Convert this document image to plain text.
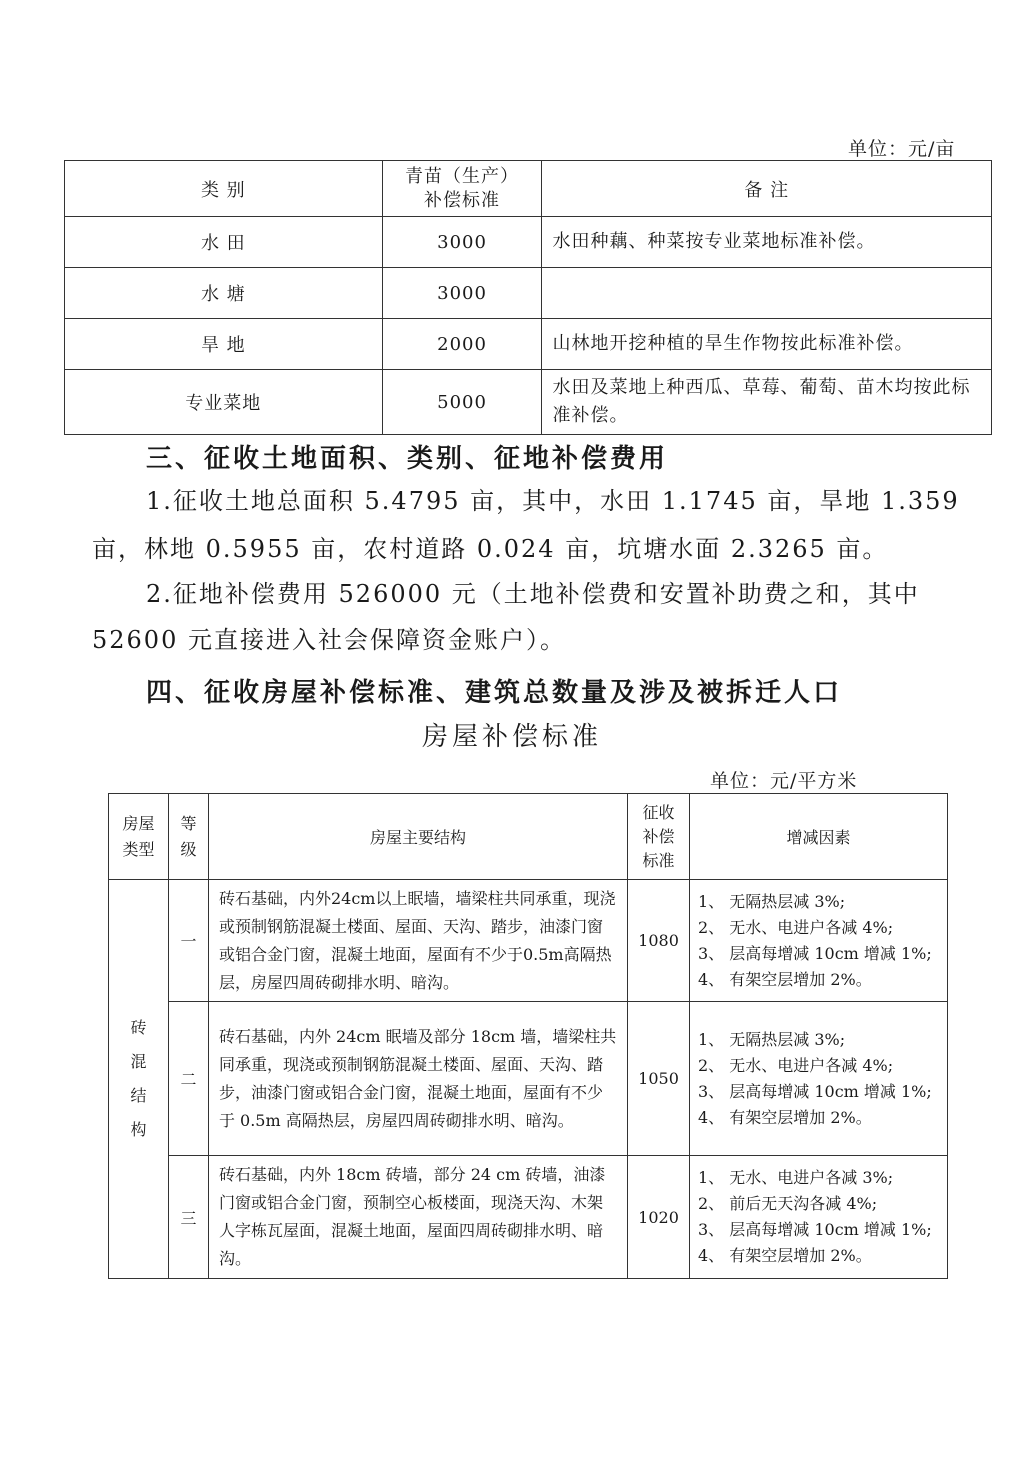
单位：元/亩
类 别	青苗（生产）补偿标准	备 注
水 田	3000	水田种藕、种菜按专业菜地标准补偿。
水 塘	3000	
旱 地	2000	山林地开挖种植的旱生作物按此标准补偿。
专业菜地	5000	水田及菜地上种西瓜、草莓、葡萄、苗木均按此标准补偿。
三、征收土地面积、类别、征地补偿费用
1.征收土地总面积 5.4795 亩，其中，水田 1.1745 亩，旱地 1.359
亩，林地 0.5955 亩，农村道路 0.024 亩，坑塘水面 2.3265 亩。
2.征地补偿费用 526000 元（土地补偿费和安置补助费之和，其中
52600 元直接进入社会保障资金账户）。
四、征收房屋补偿标准、建筑总数量及涉及被拆迁人口
房屋补偿标准
单位：元/平方米
房屋类型	等级	房屋主要结构	征收补偿标准	增减因素
砖混结构	一	砖石基础，内外24cm以上眠墙，墙梁柱共同承重，现浇或预制钢筋混凝土楼面、屋面、天沟、踏步，油漆门窗或铝合金门窗，混凝土地面，屋面有不少于0.5m高隔热层，房屋四周砖砌排水明、暗沟。	1080	1、 无隔热层减 3%;
2、 无水、电进户各减 4%;
3、 层高每增减 10cm 增减 1%;
4、 有架空层增加 2%。

	二	砖石基础，内外 24cm 眠墙及部分 18cm 墙，墙梁柱共同承重，现浇或预制钢筋混凝土楼面、屋面、天沟、踏步，油漆门窗或铝合金门窗，混凝土地面，屋面有不少于 0.5m 高隔热层，房屋四周砖砌排水明、暗沟。	1050	1、 无隔热层减 3%;
2、 无水、电进户各减 4%;
3、 层高每增减 10cm 增减 1%;
4、 有架空层增加 2%。

	三	砖石基础，内外 18cm 砖墙，部分 24 cm 砖墙，油漆门窗或铝合金门窗，预制空心板楼面，现浇天沟、木架人字栋瓦屋面，混凝土地面，屋面四周砖砌排水明、暗沟。	1020	1、 无水、电进户各减 3%;
2、 前后无天沟各减 4%;
3、 层高每增减 10cm 增减 1%;
4、 有架空层增加 2%。
